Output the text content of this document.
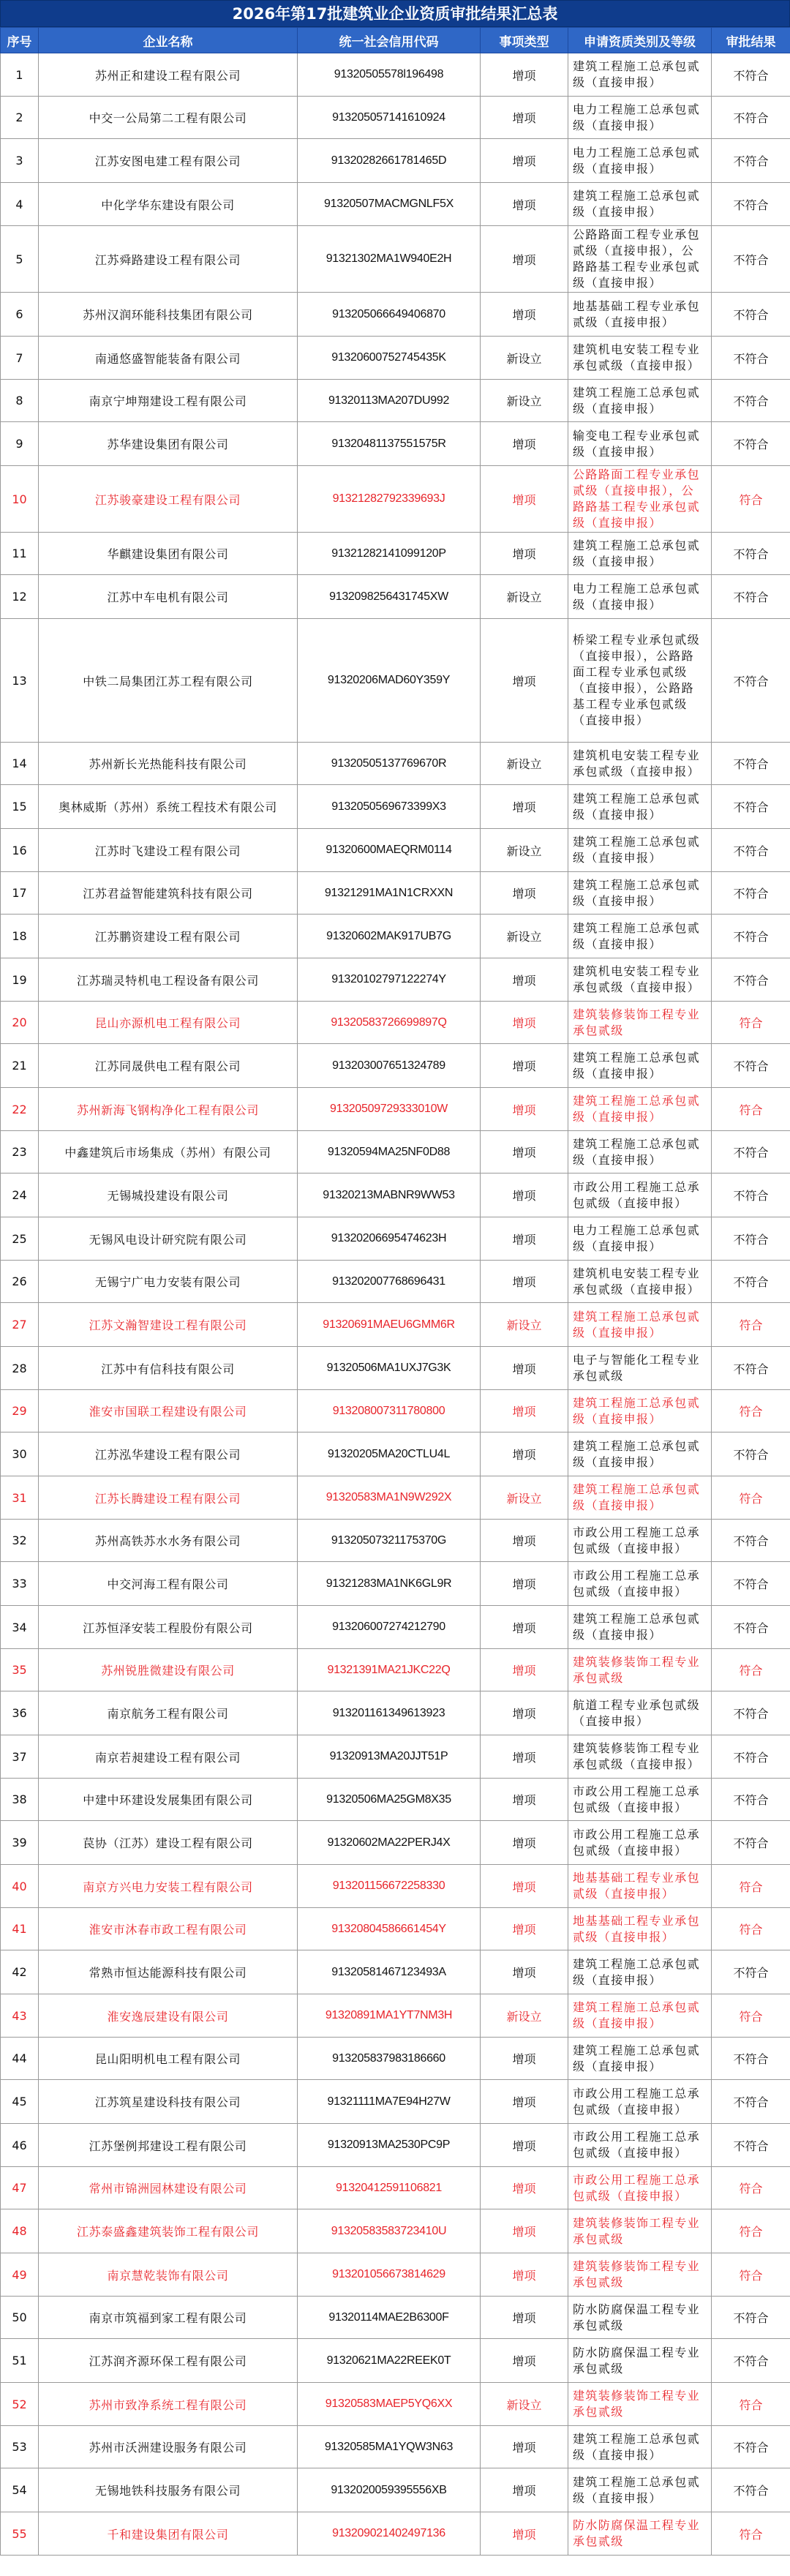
2026年第17批建筑业企业资质审批结果汇总表
序号	企业名称	统一社会信用代码	事项类型	申请资质类别及等级	审批结果
1	苏州正和建设工程有限公司	91320505578l196498	增项	建筑工程施工总承包贰级（直接申报）	不符合
2	中交一公局第二工程有限公司	913205057141610924	增项	电力工程施工总承包贰级（直接申报）	不符合
3	江苏安图电建工程有限公司	91320282661781465D	增项	电力工程施工总承包贰级（直接申报）	不符合
4	中化学华东建设有限公司	91320507MACMGNLF5X	增项	建筑工程施工总承包贰级（直接申报）	不符合
5	江苏舜路建设工程有限公司	91321302MA1W940E2H	增项	公路路面工程专业承包贰级（直接申报），公路路基工程专业承包贰级（直接申报）	不符合
6	苏州汉润环能科技集团有限公司	913205066649406870	增项	地基基础工程专业承包贰级（直接申报）	不符合
7	南通悠盛智能装备有限公司	91320600752745435K	新设立	建筑机电安装工程专业承包贰级（直接申报）	不符合
8	南京宁坤翔建设工程有限公司	91320113MA207DU992	新设立	建筑工程施工总承包贰级（直接申报）	不符合
9	苏华建设集团有限公司	91320481137551575R	增项	输变电工程专业承包贰级（直接申报）	不符合
10	江苏骏豪建设工程有限公司	91321282792339693J	增项	公路路面工程专业承包贰级（直接申报），公路路基工程专业承包贰级（直接申报）	符合
11	华麒建设集团有限公司	91321282141099120P	增项	建筑工程施工总承包贰级（直接申报）	不符合
12	江苏中车电机有限公司	9132098256431745XW	新设立	电力工程施工总承包贰级（直接申报）	不符合
13	中铁二局集团江苏工程有限公司	91320206MAD60Y359Y	增项	桥梁工程专业承包贰级（直接申报），公路路面工程专业承包贰级（直接申报），公路路基工程专业承包贰级（直接申报）	不符合
14	苏州新长光热能科技有限公司	91320505137769670R	新设立	建筑机电安装工程专业承包贰级（直接申报）	不符合
15	奥林威斯（苏州）系统工程技术有限公司	9132050569673399X3	增项	建筑工程施工总承包贰级（直接申报）	不符合
16	江苏时飞建设工程有限公司	91320600MAEQRM0114	新设立	建筑工程施工总承包贰级（直接申报）	不符合
17	江苏君益智能建筑科技有限公司	91321291MA1N1CRXXN	增项	建筑工程施工总承包贰级（直接申报）	不符合
18	江苏鹏资建设工程有限公司	91320602MAK917UB7G	新设立	建筑工程施工总承包贰级（直接申报）	不符合
19	江苏瑞灵特机电工程设备有限公司	91320102797122274Y	增项	建筑机电安装工程专业承包贰级（直接申报）	不符合
20	昆山亦源机电工程有限公司	91320583726699897Q	增项	建筑装修装饰工程专业承包贰级	符合
21	江苏同晟供电工程有限公司	913203007651324789	增项	建筑工程施工总承包贰级（直接申报）	不符合
22	苏州新海飞钢构净化工程有限公司	91320509729333010W	增项	建筑工程施工总承包贰级（直接申报）	符合
23	中鑫建筑后市场集成（苏州）有限公司	91320594MA25NF0D88	增项	建筑工程施工总承包贰级（直接申报）	不符合
24	无锡城投建设有限公司	91320213MABNR9WW53	增项	市政公用工程施工总承包贰级（直接申报）	不符合
25	无锡风电设计研究院有限公司	91320206695474623H	增项	电力工程施工总承包贰级（直接申报）	不符合
26	无锡宁广电力安装有限公司	913202007768696431	增项	建筑机电安装工程专业承包贰级（直接申报）	不符合
27	江苏文瀚智建设工程有限公司	91320691MAEU6GMM6R	新设立	建筑工程施工总承包贰级（直接申报）	符合
28	江苏中有信科技有限公司	91320506MA1UXJ7G3K	增项	电子与智能化工程专业承包贰级	不符合
29	淮安市国联工程建设有限公司	913208007311780800	增项	建筑工程施工总承包贰级（直接申报）	符合
30	江苏泓华建设工程有限公司	91320205MA20CTLU4L	增项	建筑工程施工总承包贰级（直接申报）	不符合
31	江苏长腾建设工程有限公司	91320583MA1N9W292X	新设立	建筑工程施工总承包贰级（直接申报）	符合
32	苏州高铁苏水水务有限公司	91320507321175370G	增项	市政公用工程施工总承包贰级（直接申报）	不符合
33	中交河海工程有限公司	91321283MA1NK6GL9R	增项	市政公用工程施工总承包贰级（直接申报）	不符合
34	江苏恒泽安装工程股份有限公司	913206007274212790	增项	建筑工程施工总承包贰级（直接申报）	不符合
35	苏州锐胜微建设有限公司	91321391MA21JKC22Q	增项	建筑装修装饰工程专业承包贰级	符合
36	南京航务工程有限公司	913201161349613923	增项	航道工程专业承包贰级（直接申报）	不符合
37	南京若昶建设工程有限公司	91320913MA20JJT51P	增项	建筑装修装饰工程专业承包贰级（直接申报）	不符合
38	中建中环建设发展集团有限公司	91320506MA25GM8X35	增项	市政公用工程施工总承包贰级（直接申报）	不符合
39	苠协（江苏）建设工程有限公司	91320602MA22PERJ4X	增项	市政公用工程施工总承包贰级（直接申报）	不符合
40	南京方兴电力安装工程有限公司	913201156672258330	增项	地基基础工程专业承包贰级（直接申报）	符合
41	淮安市沐春市政工程有限公司	91320804586661454Y	增项	地基基础工程专业承包贰级（直接申报）	符合
42	常熟市恒达能源科技有限公司	91320581467123493A	增项	建筑工程施工总承包贰级（直接申报）	不符合
43	淮安逸辰建设有限公司	91320891MA1YT7NM3H	新设立	建筑工程施工总承包贰级（直接申报）	符合
44	昆山阳明机电工程有限公司	913205837983186660	增项	建筑工程施工总承包贰级（直接申报）	不符合
45	江苏筑星建设科技有限公司	91321111MA7E94H27W	增项	市政公用工程施工总承包贰级（直接申报）	不符合
46	江苏堡例邦建设工程有限公司	91320913MA2530PC9P	增项	市政公用工程施工总承包贰级（直接申报）	不符合
47	常州市锦洲园林建设有限公司	91320412591106821	增项	市政公用工程施工总承包贰级（直接申报）	符合
48	江苏泰盛鑫建筑装饰工程有限公司	91320583583723410U	增项	建筑装修装饰工程专业承包贰级	符合
49	南京慧乾装饰有限公司	913201056673814629	增项	建筑装修装饰工程专业承包贰级	符合
50	南京市筑福到家工程有限公司	91320114MAE2B6300F	增项	防水防腐保温工程专业承包贰级	不符合
51	江苏润齐源环保工程有限公司	91320621MA22REEK0T	增项	防水防腐保温工程专业承包贰级	不符合
52	苏州市致净系统工程有限公司	91320583MAEP5YQ6XX	新设立	建筑装修装饰工程专业承包贰级	符合
53	苏州市沃洲建设服务有限公司	91320585MA1YQW3N63	增项	建筑工程施工总承包贰级（直接申报）	不符合
54	无锡地铁科技服务有限公司	9132020059395556XB	增项	建筑工程施工总承包贰级（直接申报）	不符合
55	千和建设集团有限公司	913209021402497136	增项	防水防腐保温工程专业承包贰级	符合
